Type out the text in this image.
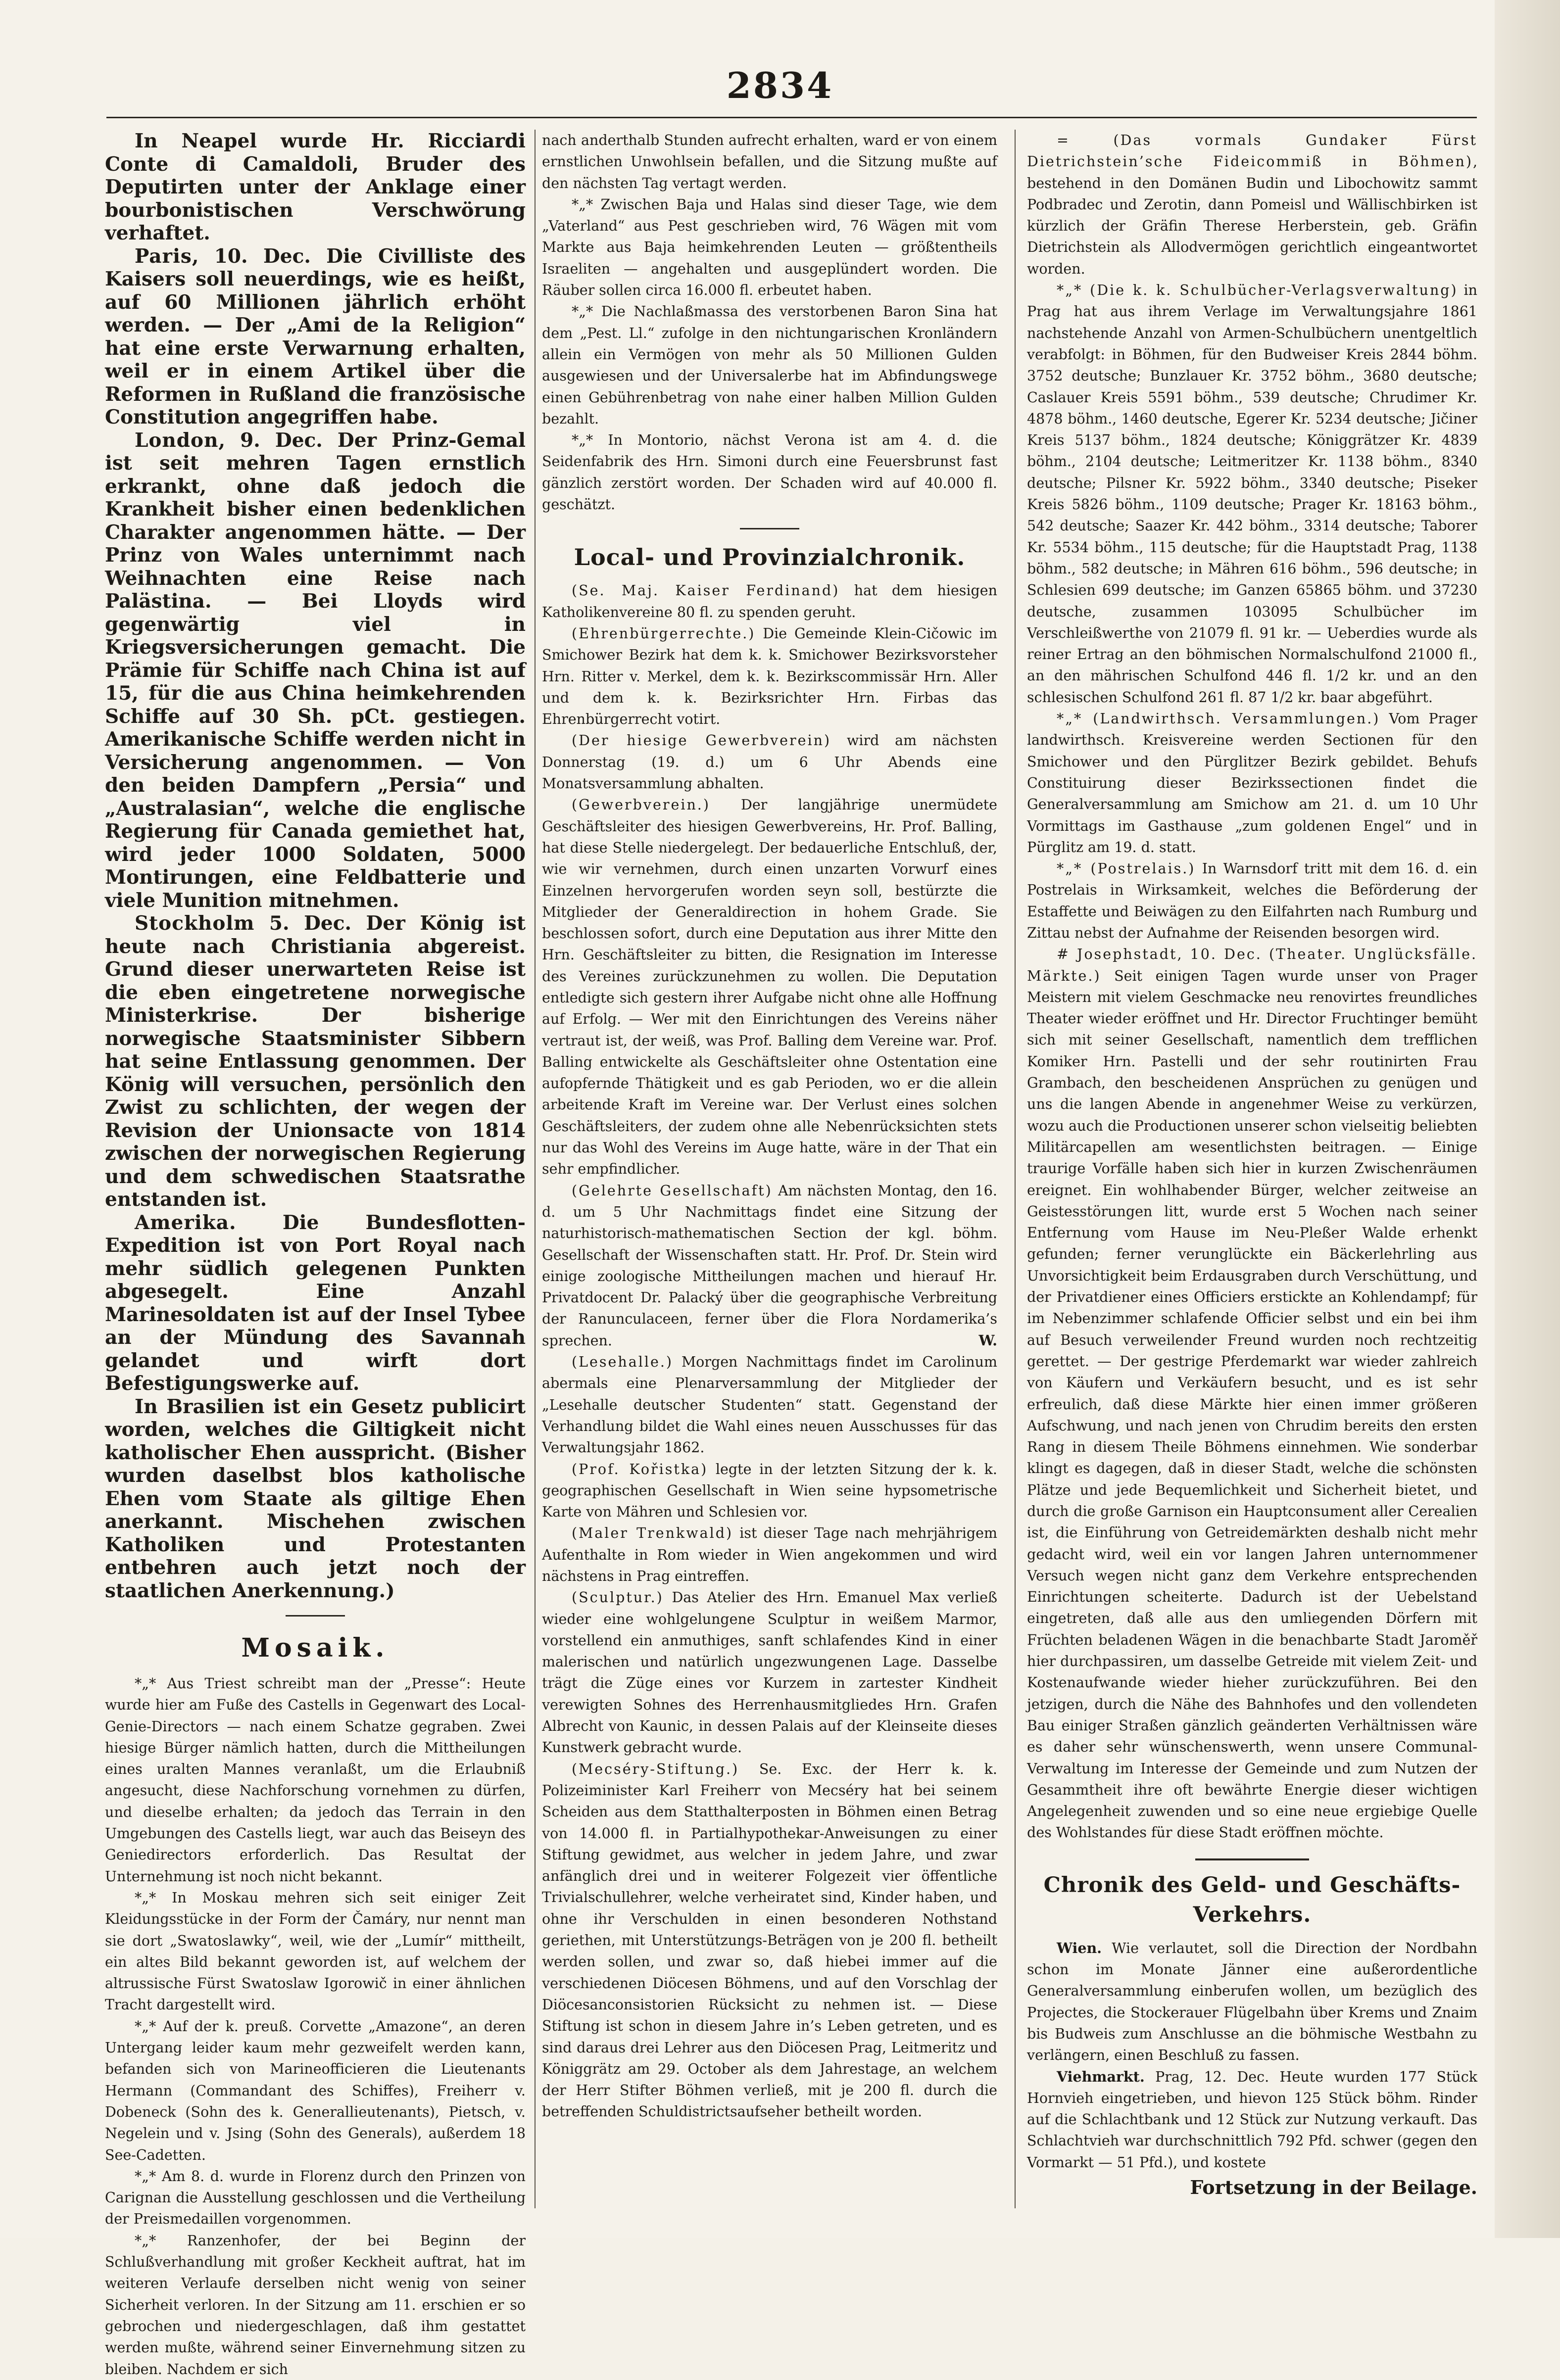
2834

In Neapel wurde Hr. Ricciardi Conte di Camaldoli, Bruder des Deputirten unter der Anklage einer bourbonistischen Verschwörung verhaftet.

Paris, 10. Dec. Die Civilliste des Kaisers soll neuerdings, wie es heißt, auf 60 Millionen jährlich erhöht werden. — Der „Ami de la Religion“ hat eine erste Verwarnung erhalten, weil er in einem Artikel über die Reformen in Rußland die französische Constitution angegriffen habe.

London, 9. Dec. Der Prinz-Gemal ist seit mehren Tagen ernstlich erkrankt, ohne daß jedoch die Krankheit bisher einen bedenklichen Charakter angenommen hätte. — Der Prinz von Wales unternimmt nach Weihnachten eine Reise nach Palästina. — Bei Lloyds wird gegenwärtig viel in Kriegsversicherungen gemacht. Die Prämie für Schiffe nach China ist auf 15, für die aus China heimkehrenden Schiffe auf 30 Sh. pCt. gestiegen. Amerikanische Schiffe werden nicht in Versicherung angenommen. — Von den beiden Dampfern „Persia“ und „Australasian“, welche die englische Regierung für Canada gemiethet hat, wird jeder 1000 Soldaten, 5000 Montirungen, eine Feldbatterie und viele Munition mitnehmen.

Stockholm 5. Dec. Der König ist heute nach Christiania abgereist. Grund dieser unerwarteten Reise ist die eben eingetretene norwegische Ministerkrise. Der bisherige norwegische Staatsminister Sibbern hat seine Entlassung genommen. Der König will versuchen, persönlich den Zwist zu schlichten, der wegen der Revision der Unionsacte von 1814 zwischen der norwegischen Regierung und dem schwedischen Staatsrathe entstanden ist.

Amerika. Die Bundesflotten-Expedition ist von Port Royal nach mehr südlich gelegenen Punkten abgesegelt. Eine Anzahl Marinesoldaten ist auf der Insel Tybee an der Mündung des Savannah gelandet und wirft dort Befestigungswerke auf.

In Brasilien ist ein Gesetz publicirt worden, welches die Giltigkeit nicht katholischer Ehen ausspricht. (Bisher wurden daselbst blos katholische Ehen vom Staate als giltige Ehen anerkannt. Mischehen zwischen Katholiken und Protestanten entbehren auch jetzt noch der staatlichen Anerkennung.)

Mosaik.

*„* Aus Triest schreibt man der „Presse“: Heute wurde hier am Fuße des Castells in Gegenwart des Local-Genie-Directors — nach einem Schatze gegraben. Zwei hiesige Bürger nämlich hatten, durch die Mittheilungen eines uralten Mannes veranlaßt, um die Erlaubniß angesucht, diese Nachforschung vornehmen zu dürfen, und dieselbe erhalten; da jedoch das Terrain in den Umgebungen des Castells liegt, war auch das Beiseyn des Geniedirectors erforderlich. Das Resultat der Unternehmung ist noch nicht bekannt.

*„* In Moskau mehren sich seit einiger Zeit Kleidungsstücke in der Form der Čamáry, nur nennt man sie dort „Swatoslawky“, weil, wie der „Lumír“ mittheilt, ein altes Bild bekannt geworden ist, auf welchem der altrussische Fürst Swatoslaw Igorowič in einer ähnlichen Tracht dargestellt wird.

*„* Auf der k. preuß. Corvette „Amazone“, an deren Untergang leider kaum mehr gezweifelt werden kann, befanden sich von Marineofficieren die Lieutenants Hermann (Commandant des Schiffes), Freiherr v. Dobeneck (Sohn des k. Generallieutenants), Pietsch, v. Negelein und v. Jsing (Sohn des Generals), außerdem 18 See-Cadetten.

*„* Am 8. d. wurde in Florenz durch den Prinzen von Carignan die Ausstellung geschlossen und die Vertheilung der Preismedaillen vorgenommen.

*„* Ranzenhofer, der bei Beginn der Schlußverhandlung mit großer Keckheit auftrat, hat im weiteren Verlaufe derselben nicht wenig von seiner Sicherheit verloren. In der Sitzung am 11. erschien er so gebrochen und niedergeschlagen, daß ihm gestattet werden mußte, während seiner Einvernehmung sitzen zu bleiben. Nachdem er sich

nach anderthalb Stunden aufrecht erhalten, ward er von einem ernstlichen Unwohlsein befallen, und die Sitzung mußte auf den nächsten Tag vertagt werden.

*„* Zwischen Baja und Halas sind dieser Tage, wie dem „Vaterland“ aus Pest geschrieben wird, 76 Wägen mit vom Markte aus Baja heimkehrenden Leuten — größtentheils Israeliten — angehalten und ausgeplündert worden. Die Räuber sollen circa 16.000 fl. erbeutet haben.

*„* Die Nachlaßmassa des verstorbenen Baron Sina hat dem „Pest. Ll.“ zufolge in den nichtungarischen Kronländern allein ein Vermögen von mehr als 50 Millionen Gulden ausgewiesen und der Universalerbe hat im Abfindungswege einen Gebührenbetrag von nahe einer halben Million Gulden bezahlt.

*„* In Montorio, nächst Verona ist am 4. d. die Seidenfabrik des Hrn. Simoni durch eine Feuersbrunst fast gänzlich zerstört worden. Der Schaden wird auf 40.000 fl. geschätzt.

Local- und Provinzialchronik.

(Se. Maj. Kaiser Ferdinand) hat dem hiesigen Katholikenvereine 80 fl. zu spenden geruht.

(Ehrenbürgerrechte.) Die Gemeinde Klein-Cičowic im Smichower Bezirk hat dem k. k. Smichower Bezirksvorsteher Hrn. Ritter v. Merkel, dem k. k. Bezirkscommissär Hrn. Aller und dem k. k. Bezirksrichter Hrn. Firbas das Ehrenbürgerrecht votirt.

(Der hiesige Gewerbverein) wird am nächsten Donnerstag (19. d.) um 6 Uhr Abends eine Monatsversammlung abhalten.

(Gewerbverein.) Der langjährige unermüdete Geschäftsleiter des hiesigen Gewerbvereins, Hr. Prof. Balling, hat diese Stelle niedergelegt. Der bedauerliche Entschluß, der, wie wir vernehmen, durch einen unzarten Vorwurf eines Einzelnen hervorgerufen worden seyn soll, bestürzte die Mitglieder der Generaldirection in hohem Grade. Sie beschlossen sofort, durch eine Deputation aus ihrer Mitte den Hrn. Geschäftsleiter zu bitten, die Resignation im Interesse des Vereines zurückzunehmen zu wollen. Die Deputation entledigte sich gestern ihrer Aufgabe nicht ohne alle Hoffnung auf Erfolg. — Wer mit den Einrichtungen des Vereins näher vertraut ist, der weiß, was Prof. Balling dem Vereine war. Prof. Balling entwickelte als Geschäftsleiter ohne Ostentation eine aufopfernde Thätigkeit und es gab Perioden, wo er die allein arbeitende Kraft im Vereine war. Der Verlust eines solchen Geschäftsleiters, der zudem ohne alle Nebenrücksichten stets nur das Wohl des Vereins im Auge hatte, wäre in der That ein sehr empfindlicher.

(Gelehrte Gesellschaft) Am nächsten Montag, den 16. d. um 5 Uhr Nachmittags findet eine Sitzung der naturhistorisch-mathematischen Section der kgl. böhm. Gesellschaft der Wissenschaften statt. Hr. Prof. Dr. Stein wird einige zoologische Mittheilungen machen und hierauf Hr. Privatdocent Dr. Palacký über die geographische Verbreitung der Ranunculaceen, ferner über die Flora Nordamerika’s sprechen.	W.

(Lesehalle.) Morgen Nachmittags findet im Carolinum abermals eine Plenarversammlung der Mitglieder der „Lesehalle deutscher Studenten“ statt. Gegenstand der Verhandlung bildet die Wahl eines neuen Ausschusses für das Verwaltungsjahr 1862.

(Prof. Kořistka) legte in der letzten Sitzung der k. k. geographischen Gesellschaft in Wien seine hypsometrische Karte von Mähren und Schlesien vor.

(Maler Trenkwald) ist dieser Tage nach mehrjährigem Aufenthalte in Rom wieder in Wien angekommen und wird nächstens in Prag eintreffen.

(Sculptur.) Das Atelier des Hrn. Emanuel Max verließ wieder eine wohlgelungene Sculptur in weißem Marmor, vorstellend ein anmuthiges, sanft schlafendes Kind in einer malerischen und natürlich ungezwungenen Lage. Dasselbe trägt die Züge eines vor Kurzem in zartester Kindheit verewigten Sohnes des Herrenhausmitgliedes Hrn. Grafen Albrecht von Kaunic, in dessen Palais auf der Kleinseite dieses Kunstwerk gebracht wurde.

(Mecséry-Stiftung.) Se. Exc. der Herr k. k. Polizeiminister Karl Freiherr von Mecséry hat bei seinem Scheiden aus dem Statthalterposten in Böhmen einen Betrag von 14.000 fl. in Partialhypothekar-Anweisungen zu einer Stiftung gewidmet, aus welcher in jedem Jahre, und zwar anfänglich drei und in weiterer Folgezeit vier öffentliche Trivialschullehrer, welche verheiratet sind, Kinder haben, und ohne ihr Verschulden in einen besonderen Nothstand geriethen, mit Unterstützungs-Beträgen von je 200 fl. betheilt werden sollen, und zwar so, daß hiebei immer auf die verschiedenen Diöcesen Böhmens, und auf den Vorschlag der Diöcesanconsistorien Rücksicht zu nehmen ist. — Diese Stiftung ist schon in diesem Jahre in’s Leben getreten, und es sind daraus drei Lehrer aus den Diöcesen Prag, Leitmeritz und Königgrätz am 29. October als dem Jahrestage, an welchem der Herr Stifter Böhmen verließ, mit je 200 fl. durch die betreffenden Schuldistrictsaufseher betheilt worden.

= (Das vormals Gundaker Fürst Dietrichstein’sche Fideicommiß in Böhmen), bestehend in den Domänen Budin und Libochowitz sammt Podbradec und Zerotin, dann Pomeisl und Wällischbirken ist kürzlich der Gräfin Therese Herberstein, geb. Gräfin Dietrichstein als Allodvermögen gerichtlich eingeantwortet worden.

*„* (Die k. k. Schulbücher-Verlagsverwaltung) in Prag hat aus ihrem Verlage im Verwaltungsjahre 1861 nachstehende Anzahl von Armen-Schulbüchern unentgeltlich verabfolgt: in Böhmen, für den Budweiser Kreis 2844 böhm. 3752 deutsche; Bunzlauer Kr. 3752 böhm., 3680 deutsche; Caslauer Kreis 5591 böhm., 539 deutsche; Chrudimer Kr. 4878 böhm., 1460 deutsche, Egerer Kr. 5234 deutsche; Jičiner Kreis 5137 böhm., 1824 deutsche; Königgrätzer Kr. 4839 böhm., 2104 deutsche; Leitmeritzer Kr. 1138 böhm., 8340 deutsche; Pilsner Kr. 5922 böhm., 3340 deutsche; Piseker Kreis 5826 böhm., 1109 deutsche; Prager Kr. 18163 böhm., 542 deutsche; Saazer Kr. 442 böhm., 3314 deutsche; Taborer Kr. 5534 böhm., 115 deutsche; für die Hauptstadt Prag, 1138 böhm., 582 deutsche; in Mähren 616 böhm., 596 deutsche; in Schlesien 699 deutsche; im Ganzen 65865 böhm. und 37230 deutsche, zusammen 103095 Schulbücher im Verschleißwerthe von 21079 fl. 91 kr. — Ueberdies wurde als reiner Ertrag an den böhmischen Normalschulfond 21000 fl., an den mährischen Schulfond 446 fl. 1/2 kr. und an den schlesischen Schulfond 261 fl. 87 1/2 kr. baar abgeführt.

*„* (Landwirthsch. Versammlungen.) Vom Prager landwirthsch. Kreisvereine werden Sectionen für den Smichower und den Pürglitzer Bezirk gebildet. Behufs Constituirung dieser Bezirkssectionen findet die Generalversammlung am Smichow am 21. d. um 10 Uhr Vormittags im Gasthause „zum goldenen Engel“ und in Pürglitz am 19. d. statt.

*„* (Postrelais.) In Warnsdorf tritt mit dem 16. d. ein Postrelais in Wirksamkeit, welches die Beförderung der Estaffette und Beiwägen zu den Eilfahrten nach Rumburg und Zittau nebst der Aufnahme der Reisenden besorgen wird.

# Josephstadt, 10. Dec. (Theater. Unglücksfälle. Märkte.) Seit einigen Tagen wurde unser von Prager Meistern mit vielem Geschmacke neu renovirtes freundliches Theater wieder eröffnet und Hr. Director Fruchtinger bemüht sich mit seiner Gesellschaft, namentlich dem trefflichen Komiker Hrn. Pastelli und der sehr routinirten Frau Grambach, den bescheidenen Ansprüchen zu genügen und uns die langen Abende in angenehmer Weise zu verkürzen, wozu auch die Productionen unserer schon vielseitig beliebten Militärcapellen am wesentlichsten beitragen. — Einige traurige Vorfälle haben sich hier in kurzen Zwischenräumen ereignet. Ein wohlhabender Bürger, welcher zeitweise an Geistesstörungen litt, wurde erst 5 Wochen nach seiner Entfernung vom Hause im Neu-Pleßer Walde erhenkt gefunden; ferner verunglückte ein Bäckerlehrling aus Unvorsichtigkeit beim Erdausgraben durch Verschüttung, und der Privatdiener eines Officiers erstickte an Kohlendampf; für im Nebenzimmer schlafende Officier selbst und ein bei ihm auf Besuch verweilender Freund wurden noch rechtzeitig gerettet. — Der gestrige Pferdemarkt war wieder zahlreich von Käufern und Verkäufern besucht, und es ist sehr erfreulich, daß diese Märkte hier einen immer größeren Aufschwung, und nach jenen von Chrudim bereits den ersten Rang in diesem Theile Böhmens einnehmen. Wie sonderbar klingt es dagegen, daß in dieser Stadt, welche die schönsten Plätze und jede Bequemlichkeit und Sicherheit bietet, und durch die große Garnison ein Hauptconsument aller Cerealien ist, die Einführung von Getreidemärkten deshalb nicht mehr gedacht wird, weil ein vor langen Jahren unternommener Versuch wegen nicht ganz dem Verkehre entsprechenden Einrichtungen scheiterte. Dadurch ist der Uebelstand eingetreten, daß alle aus den umliegenden Dörfern mit Früchten beladenen Wägen in die benachbarte Stadt Jaroměř hier durchpassiren, um dasselbe Getreide mit vielem Zeit- und Kostenaufwande wieder hieher zurückzuführen. Bei den jetzigen, durch die Nähe des Bahnhofes und den vollendeten Bau einiger Straßen gänzlich geänderten Verhältnissen wäre es daher sehr wünschenswerth, wenn unsere Communal-Verwaltung im Interesse der Gemeinde und zum Nutzen der Gesammtheit ihre oft bewährte Energie dieser wichtigen Angelegenheit zuwenden und so eine neue ergiebige Quelle des Wohlstandes für diese Stadt eröffnen möchte.

Chronik des Geld- und Geschäfts-Verkehrs.

Wien. Wie verlautet, soll die Direction der Nordbahn schon im Monate Jänner eine außerordentliche Generalversammlung einberufen wollen, um bezüglich des Projectes, die Stockerauer Flügelbahn über Krems und Znaim bis Budweis zum Anschlusse an die böhmische Westbahn zu verlängern, einen Beschluß zu fassen.

Viehmarkt. Prag, 12. Dec. Heute wurden 177 Stück Hornvieh eingetrieben, und hievon 125 Stück böhm. Rinder auf die Schlachtbank und 12 Stück zur Nutzung verkauft. Das Schlachtvieh war durchschnittlich 792 Pfd. schwer (gegen den Vormarkt — 51 Pfd.), und kostete

Fortsetzung in der Beilage.
